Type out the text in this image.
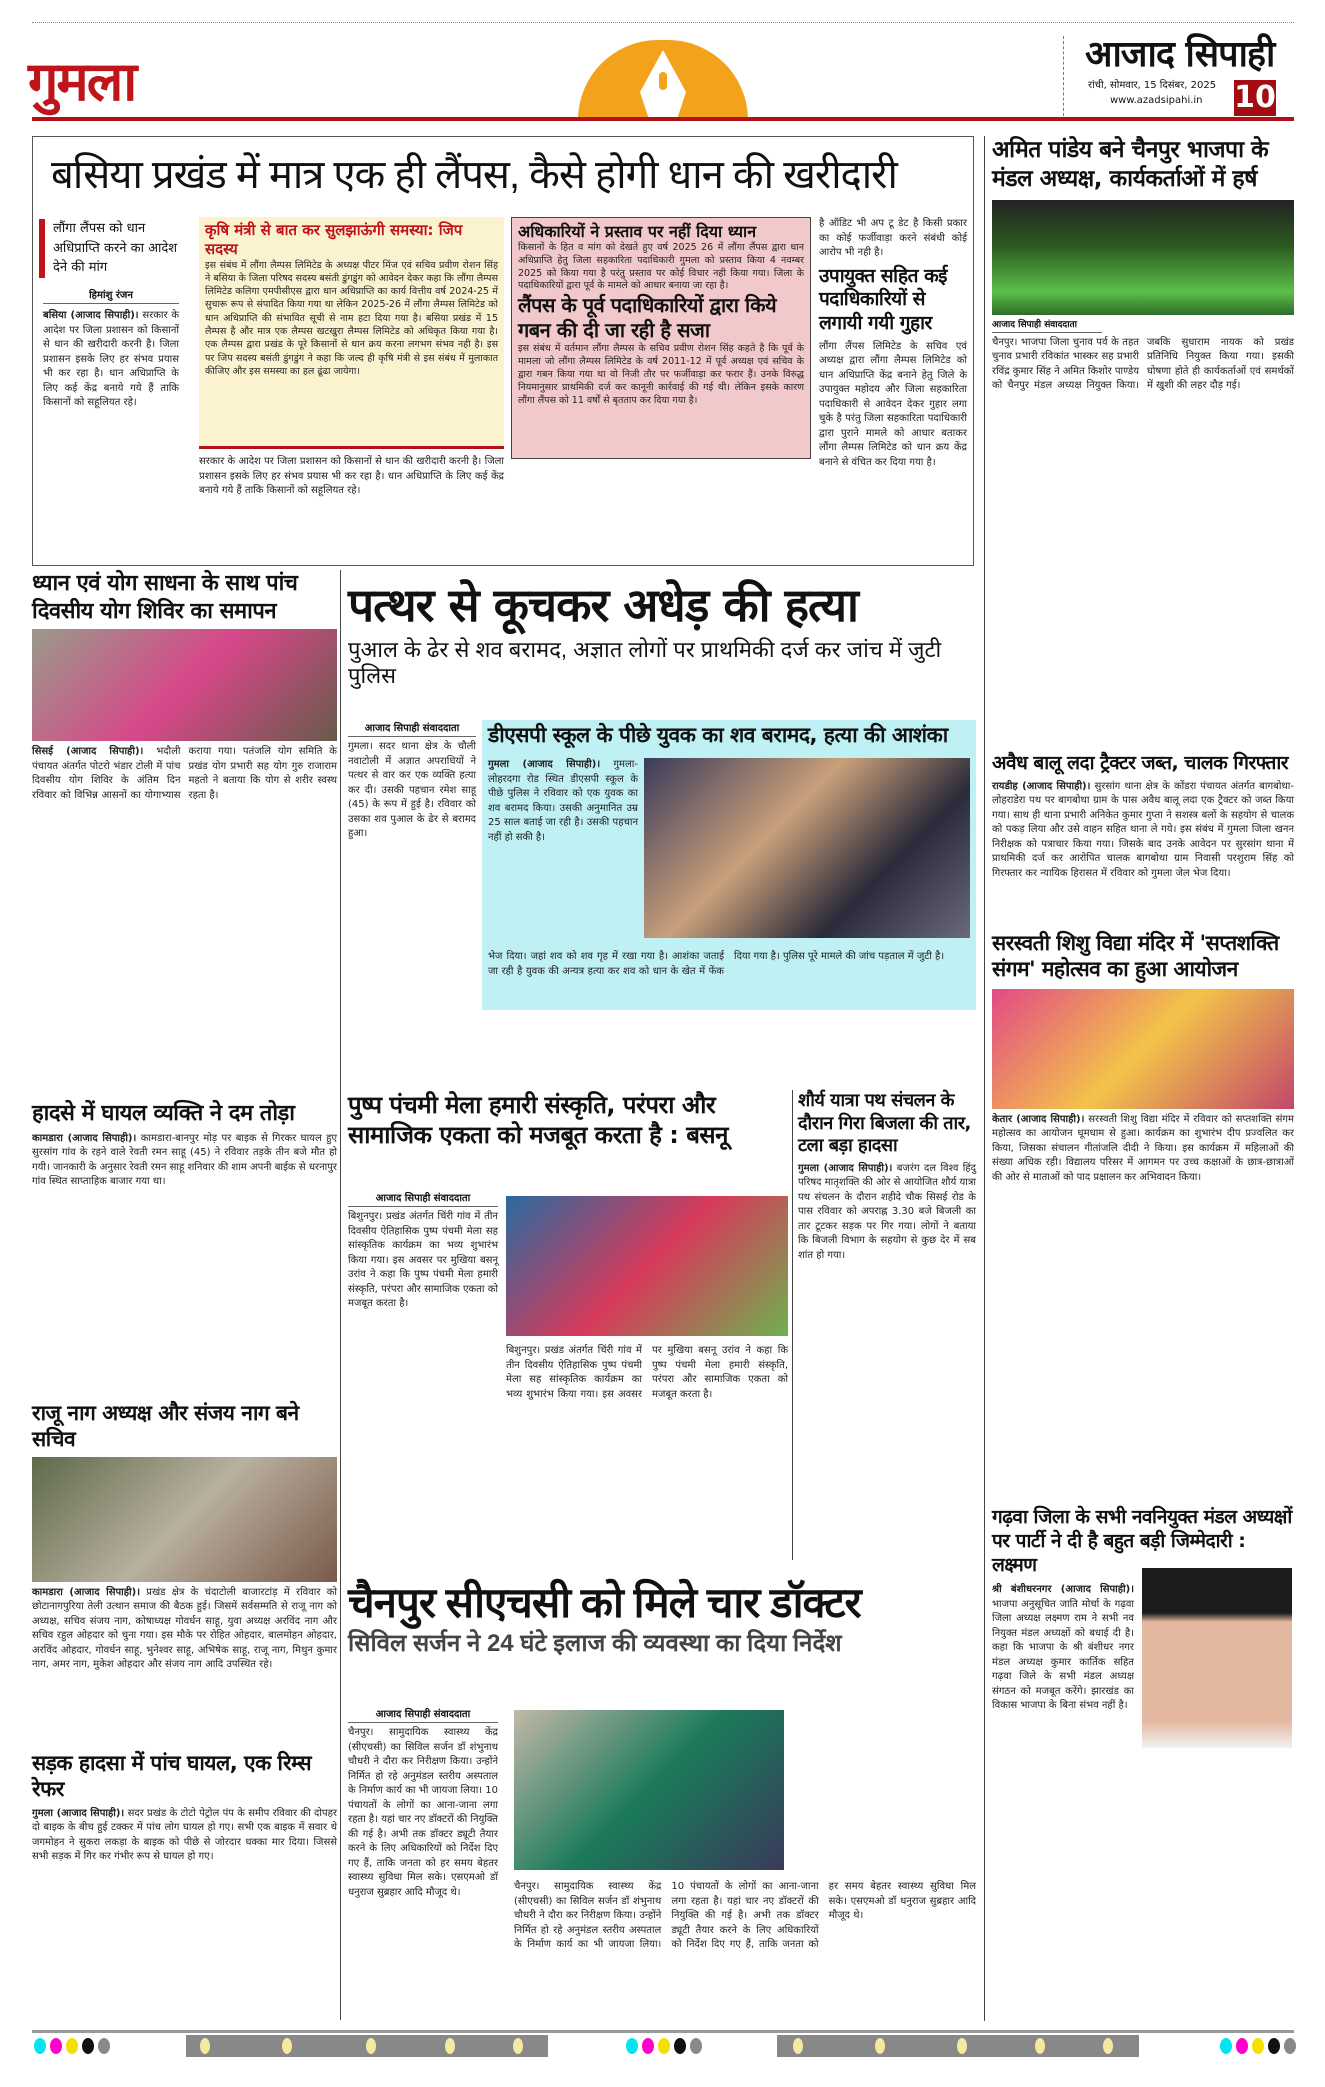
गुमला	आजाद सिपाही
रांची, सोमवार, 15 दिसंबर, 2025
www.azadsipahi.in 10
बसिया प्रखंड में मात्र एक ही लैंपस, कैसे होगी धान की खरीदारी
लौंगा लैंपस को धान अधिप्राप्ति करने का आदेश देने की मांग
हिमांशु रंजन
बसिया (आजाद सिपाही)। सरकार के आदेश पर जिला प्रशासन को किसानों से धान की खरीदारी करनी है। जिला प्रशासन इसके लिए हर संभव प्रयास भी कर रहा है। धान अधिप्राप्ति के लिए कई केंद्र बनाये गये हैं ताकि किसानों को सहूलियत रहे।
कृषि मंत्री से बात कर सुलझाऊंगी समस्या: जिप सदस्य
इस संबंध में लौंगा लैम्पस लिमिटेड के अध्यक्ष पीटर मिंज एवं सचिव प्रवीण रोशन सिंह ने बसिया के जिला परिषद सदस्य बसंती डुंगडुंग को आवेदन देकर कहा कि लौंगा लैम्पस लिमिटेड कलिगा एमपीसीएस द्वारा धान अधिप्राप्ति का कार्य वित्तीय वर्ष 2024-25 में सुचारू रूप से संपादित किया गया था लेकिन 2025-26 में लौंगा लैम्पस लिमिटेड को धान अधिप्राप्ति की संभावित सूची से नाम हटा दिया गया है। बसिया प्रखंड में 15 लैम्पस है और मात्र एक लैम्पस खटखुरा लैम्पस लिमिटेड को अधिकृत किया गया है। एक लैम्पस द्वारा प्रखंड के पूरे किसानों से धान क्रय करना लगभग संभव नही है। इस पर जिप सदस्य बसंती डुंगडुंग ने कहा कि जल्द ही कृषि मंत्री से इस संबंध में मुलाकात कीजिए और इस समस्या का हल ढूंढा जायेगा।
सरकार के आदेश पर जिला प्रशासन को किसानों से धान की खरीदारी करनी है। जिला प्रशासन इसके लिए हर संभव प्रयास भी कर रहा है। धान अधिप्राप्ति के लिए कई केंद्र बनाये गये हैं ताकि किसानों को सहूलियत रहे।
अधिकारियों ने प्रस्ताव पर नहीं दिया ध्यान
किसानों के हित व मांग को देखते हुए वर्ष 2025 26 में लौंगा लैंपस द्वारा धान अधिप्राप्ति हेतु जिला सहकारिता पदाधिकारी गुमला को प्रस्ताव किया 4 नवम्बर 2025 को किया गया है परंतु प्रस्ताव पर कोई विचार नही किया गया। जिला के पदाधिकारियों द्वारा पूर्व के मामले को आधार बनाया जा रहा है।
लैंपस के पूर्व पदाधिकारियों द्वारा किये गबन की दी जा रही है सजा
इस संबंध में वर्तमान लौंगा लैम्पस के सचिव प्रवीण रोशन सिंह कहते है कि पूर्व के मामला जो लौंगा लैम्पस लिमिटेड के वर्ष 2011-12 में पूर्व अध्यक्ष एवं सचिव के द्वारा गबन किया गया था वो निजी तौर पर फर्जीवाड़ा कर फरार हैं। उनके विरुद्ध नियमानुसार प्राथमिकी दर्ज कर कानूनी कार्रवाई की गई थी। लेकिन इसके कारण लौंगा लैंपस को 11 वर्षों से बृतताप कर दिया गया है।
है ऑडिट भी अप टू डेट है किसी प्रकार का कोई फर्जीवाड़ा करने संबंधी कोई आरोप भी नही है।
उपायुक्त सहित कई पदाधिकारियों से लगायी गयी गुहार
लौंगा लैंपस लिमिटेड के सचिव एवं अध्यक्ष द्वारा लौंगा लैम्पस लिमिटेड को धान अधिप्राप्ति केंद्र बनाने हेतु जिले के उपायुक्त महोदय और जिला सहकारिता पदाधिकारी से आवेदन देकर गुहार लगा चुके है परंतु जिला सहकारिता पदाधिकारी द्वारा पुराने मामले को आधार बताकर लौंगा लैम्पस लिमिटेड को धान क्रय केंद्र बनाने से वंचित कर दिया गया है।
अमित पांडेय बने चैनपुर भाजपा के मंडल अध्यक्ष, कार्यकर्ताओं में हर्ष
आजाद सिपाही संवाददाता
चैनपुर। भाजपा जिला चुनाव पर्व के तहत चुनाव प्रभारी रविकांत भास्कर सह प्रभारी रविंद्र कुमार सिंह ने अमित किशोर पाण्डेय को चैनपुर मंडल अध्यक्ष नियुक्त किया। जबकि सुधाराम नायक को प्रखंड प्रतिनिधि नियुक्त किया गया। इसकी घोषणा होते ही कार्यकर्ताओं एवं समर्थकों में खुशी की लहर दौड़ गई।
अवैध बालू लदा ट्रैक्टर जब्त, चालक गिरफ्तार
रायडीह (आजाद सिपाही)। सुरसांग थाना क्षेत्र के कोंडरा पंचायत अंतर्गत बागबोथा-लोहराडेरा पथ पर बागबोथा ग्राम के पास अवैध बालू लदा एक ट्रैक्टर को जब्त किया गया। साथ ही थाना प्रभारी अनिकेत कुमार गुप्ता ने सशस्त्र बलों के सहयोग से चालक को पकड़ लिया और उसे वाहन सहित थाना ले गये। इस संबंध में गुमला जिला खनन निरीक्षक को पत्राचार किया गया। जिसके बाद उनके आवेदन पर सुरसांग थाना में प्राथमिकी दर्ज कर आरोपित चालक बागबोथा ग्राम निवासी परशुराम सिंह को गिरफ्तार कर न्यायिक हिरासत में रविवार को गुमला जेल भेज दिया।
सरस्वती शिशु विद्या मंदिर में 'सप्तशक्ति संगम' महोत्सव का हुआ आयोजन
केतार (आजाद सिपाही)। सरस्वती शिशु विद्या मंदिर में रविवार को सप्तशक्ति संगम महोत्सव का आयोजन धूमधाम से हुआ। कार्यक्रम का शुभारंभ दीप प्रज्वलित कर किया, जिसका संचालन गीतांजलि दीदी ने किया। इस कार्यक्रम में महिलाओं की संख्या अधिक रही। विद्यालय परिसर में आगमन पर उच्च कक्षाओं के छात्र-छात्राओं की ओर से माताओं को पाद प्रक्षालन कर अभिवादन किया।
गढ़वा जिला के सभी नवनियुक्त मंडल अध्यक्षों पर पार्टी ने दी है बहुत बड़ी जिम्मेदारी : लक्ष्मण
श्री बंशीधरनगर (आजाद सिपाही)। भाजपा अनुसूचित जाति मोर्चा के गढ़वा जिला अध्यक्ष लक्ष्मण राम ने सभी नव नियुक्त मंडल अध्यक्षों को बधाई दी है। कहा कि भाजपा के श्री बंशीधर नगर मंडल अध्यक्ष कुमार कार्तिक सहित गढ़वा जिले के सभी मंडल अध्यक्ष संगठन को मजबूत करेंगे। झारखंड का विकास भाजपा के बिना संभव नहीं है।
ध्यान एवं योग साधना के साथ पांच दिवसीय योग शिविर का समापन
सिसई (आजाद सिपाही)। भदौली पंचायत अंतर्गत पोटरो भंडार टोली में पांच दिवसीय योग शिविर के अंतिम दिन रविवार को विभिन्न आसनों का योगाभ्यास कराया गया। पतंजलि योग समिति के प्रखंड योग प्रभारी सह योग गुरु राजाराम महतो ने बताया कि योग से शरीर स्वस्थ रहता है।
हादसे में घायल व्यक्ति ने दम तोड़ा
कामडारा (आजाद सिपाही)। कामडारा-बानपुर मोड़ पर बाइक से गिरकर घायल हुए सुरसांग गांव के रहने वाले रेवती रमन साहू (45) ने रविवार तड़के तीन बजे मौत हो गयी। जानकारी के अनुसार रेवती रमन साहू शनिवार की शाम अपनी बाईक से धरनापुर गांव स्थित साप्ताहिक बाजार गया था।
राजू नाग अध्यक्ष और संजय नाग बने सचिव
कामडारा (आजाद सिपाही)। प्रखंड क्षेत्र के चंदाटोली बाजारटांड़ में रविवार को छोटानागपुरिया तेली उत्थान समाज की बैठक हुई। जिसमें सर्वसम्मति से राजू नाग को अध्यक्ष, सचिव संजय नाग, कोषाध्यक्ष गोवर्धन साहू, युवा अध्यक्ष अरविंद नाग और सचिव रहुल ओहदार को चुना गया। इस मौके पर रोहित ओहदार, बालमोहन ओहदार, अरविंद ओहदार, गोवर्धन साहू, भुनेश्वर साहू, अभिषेक साहू, राजू नाग, मिथुन कुमार नाग, अमर नाग, मुकेश ओहदार और संजय नाग आदि उपस्थित रहे।
सड़क हादसा में पांच घायल, एक रिम्स रेफर
गुमला (आजाद सिपाही)। सदर प्रखंड के टोटो पेट्रोल पंप के समीप रविवार की दोपहर दो बाइक के बीच हुई टक्कर में पांच लोग घायल हो गए। सभी एक बाइक में सवार थे जगमोहन ने सुकरा लकड़ा के बाइक को पीछे से जोरदार धक्का मार दिया। जिससे सभी सड़क में गिर कर गंभीर रूप से घायल हो गए।
पत्थर से कूचकर अधेड़ की हत्या
पुआल के ढेर से शव बरामद, अज्ञात लोगों पर प्राथमिकी दर्ज कर जांच में जुटी पुलिस
आजाद सिपाही संवाददाता
गुमला। सदर थाना क्षेत्र के चौली नवाटोली में अज्ञात अपराधियों ने पत्थर से वार कर एक व्यक्ति हत्या कर दी। उसकी पहचान रमेश साहू (45) के रूप में हुई है। रविवार को उसका शव पुआल के ढेर से बरामद हुआ।
डीएसपी स्कूल के पीछे युवक का शव बरामद, हत्या की आशंका
गुमला (आजाद सिपाही)। गुमला-लोहरदगा रोड स्थित डीएसपी स्कूल के पीछे पुलिस ने रविवार को एक युवक का शव बरामद किया। उसकी अनुमानित उम्र 25 साल बताई जा रही है। उसकी पहचान नहीं हो सकी है।
भेज दिया। जहां शव को शव गृह में रखा गया है। आशंका जताई जा रही है युवक की अन्यत्र हत्या कर शव को धान के खेत में फेंक दिया गया है। पुलिस पूरे मामले की जांच पड़ताल में जुटी है।
पुष्प पंचमी मेला हमारी संस्कृति, परंपरा और सामाजिक एकता को मजबूत करता है : बसनू
आजाद सिपाही संवाददाता
बिशुनपुर। प्रखंड अंतर्गत चिंरी गांव में तीन दिवसीय ऐतिहासिक पुष्प पंचमी मेला सह सांस्कृतिक कार्यक्रम का भव्य शुभारंभ किया गया। इस अवसर पर मुखिया बसनू उरांव ने कहा कि पुष्प पंचमी मेला हमारी संस्कृति, परंपरा और सामाजिक एकता को मजबूत करता है।
बिशुनपुर। प्रखंड अंतर्गत चिंरी गांव में तीन दिवसीय ऐतिहासिक पुष्प पंचमी मेला सह सांस्कृतिक कार्यक्रम का भव्य शुभारंभ किया गया। इस अवसर पर मुखिया बसनू उरांव ने कहा कि पुष्प पंचमी मेला हमारी संस्कृति, परंपरा और सामाजिक एकता को मजबूत करता है।
शौर्य यात्रा पथ संचलन के दौरान गिरा बिजला की तार, टला बड़ा हादसा
गुमला (आजाद सिपाही)। बजरंग दल विश्व हिंदु परिषद मातृशक्ति की ओर से आयोजित शौर्य यात्रा पथ संचलन के दौरान शहीदे चौक सिसई रोड के पास रविवार को अपराह्न 3.30 बजे बिजली का तार टूटकर सड़क पर गिर गया। लोगों ने बताया कि बिजली विभाग के सहयोग से कुछ देर में सब शांत हो गया।
चैनपुर सीएचसी को मिले चार डॉक्टर
सिविल सर्जन ने 24 घंटे इलाज की व्यवस्था का दिया निर्देश
आजाद सिपाही संवाददाता
चैनपुर। सामुदायिक स्वास्थ्य केंद्र (सीएचसी) का सिविल सर्जन डॉ शंभुनाथ चौधरी ने दौरा कर निरीक्षण किया। उन्होंने निर्मित हो रहे अनुमंडल स्तरीय अस्पताल के निर्माण कार्य का भी जायजा लिया। 10 पंचायतों के लोगों का आना-जाना लगा रहता है। यहां चार नए डॉक्टरों की नियुक्ति की गई है। अभी तक डॉक्टर ड्यूटी तैयार करने के लिए अधिकारियों को निर्देश दिए गए हैं, ताकि जनता को हर समय बेहतर स्वास्थ्य सुविधा मिल सके। एसएमओ डॉ धनुराज सुब्रहार आदि मौजूद थे।	चैनपुर। सामुदायिक स्वास्थ्य केंद्र (सीएचसी) का सिविल सर्जन डॉ शंभुनाथ चौधरी ने दौरा कर निरीक्षण किया। उन्होंने निर्मित हो रहे अनुमंडल स्तरीय अस्पताल के निर्माण कार्य का भी जायजा लिया। 10 पंचायतों के लोगों का आना-जाना लगा रहता है। यहां चार नए डॉक्टरों की नियुक्ति की गई है। अभी तक डॉक्टर ड्यूटी तैयार करने के लिए अधिकारियों को निर्देश दिए गए हैं, ताकि जनता को हर समय बेहतर स्वास्थ्य सुविधा मिल सके। एसएमओ डॉ धनुराज सुब्रहार आदि मौजूद थे।
